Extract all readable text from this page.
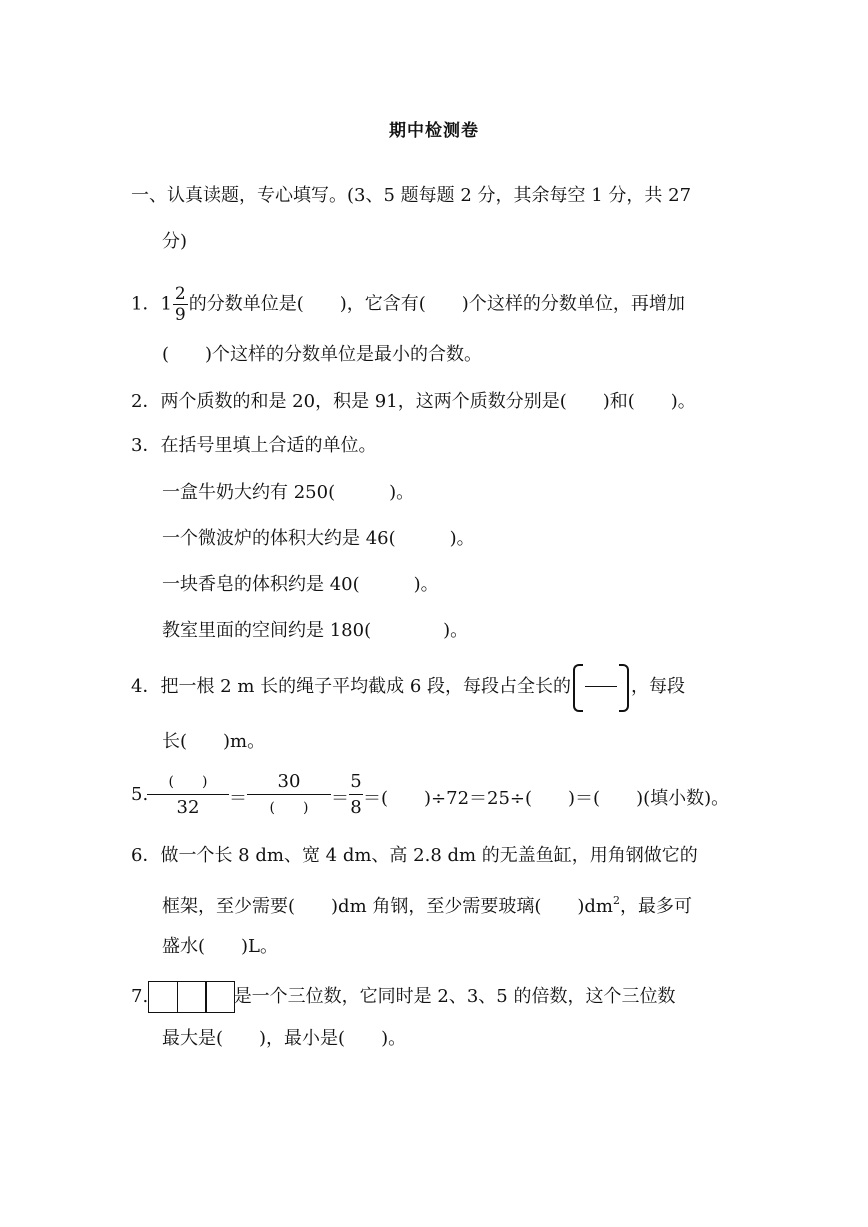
期中检测卷
一、认真读题，专心填写。(3、5 题每题 2 分，其余每空 1 分，共 27
分)
1．$1 \frac{2}{9}$ 的分数单位是(　　)，它含有(　　)个这样的分数单位，再增加
(　　)个这样的分数单位是最小的合数。
2．两个质数的和是 20，积是 91，这两个质数分别是(　　)和(　　)。
3．在括号里填上合适的单位。
一盒牛奶大约有 250(　　　)。
一个微波炉的体积大约是 46(　　　)。
一块香皂的体积约是 40(　　　)。
教室里面的空间约是 180(　　　　)。
4．把一根 2 m 长的绳子平均截成 6 段，每段占全长的	，每段
长(　　)m。
5.
(　　)
32	＝
30
(　　)	＝ $\frac{5}{8}$ ＝(　　)÷72＝25÷(　　)＝(　　)(填小数)。
6．做一个长 8 dm、宽 4 dm、高 2.8 dm 的无盖鱼缸，用角钢做它的
框架，至少需要(　　)dm 角钢，至少需要玻璃(　　)$dm^2$，最多可
盛水(　　)L。
7.	是一个三位数，它同时是 2、3、5 的倍数，这个三位数
最大是(　　)，最小是(　　)。
